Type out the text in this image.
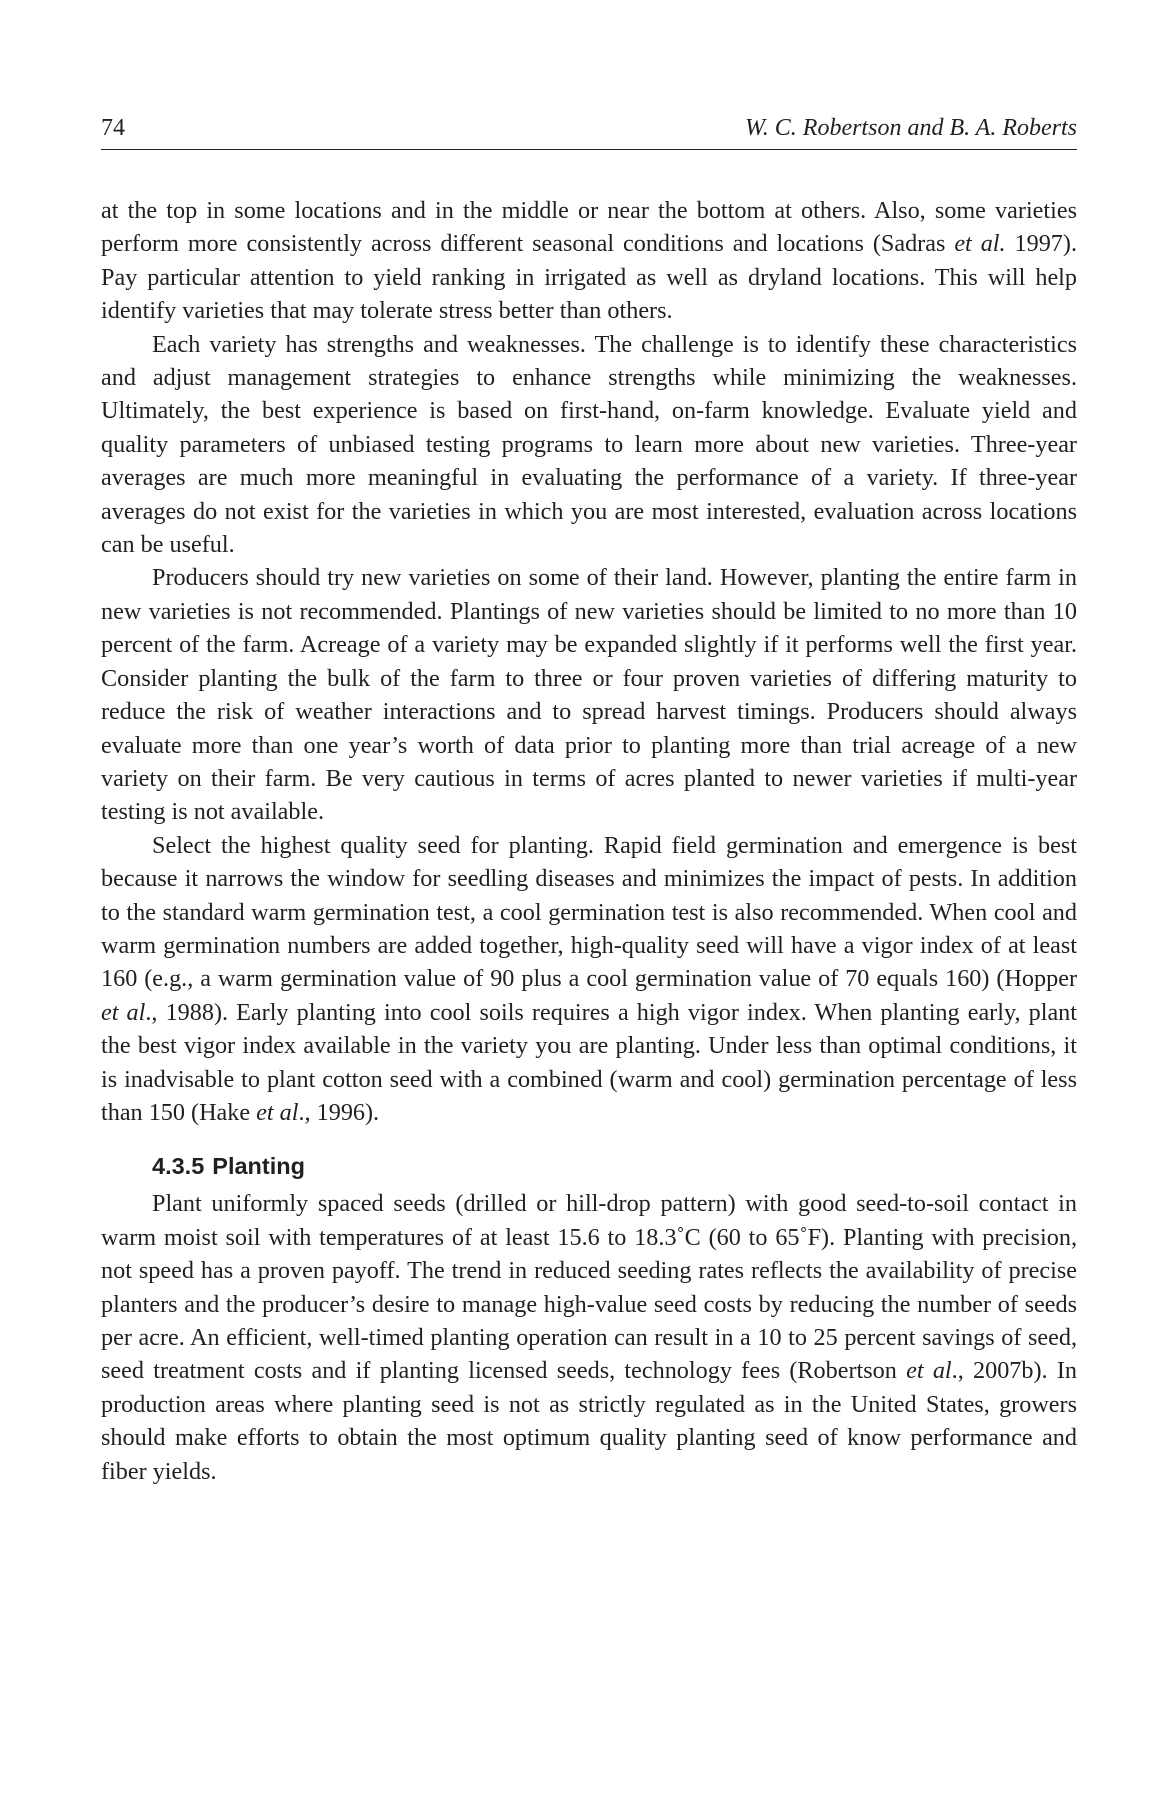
74	W. C. Robertson and B. A. Roberts

at the top in some locations and in the middle or near the bottom at others. Also, some varieties perform more consistently across different seasonal conditions and locations (Sadras et al. 1997). Pay particular attention to yield ranking in irrigated as well as dryland locations. This will help identify varieties that may tolerate stress better than others.

Each variety has strengths and weaknesses. The challenge is to identify these characteristics and adjust management strategies to enhance strengths while minimizing the weaknesses. Ultimately, the best experience is based on first-hand, on-farm knowledge. Evaluate yield and quality parameters of unbiased testing programs to learn more about new varieties. Three-year averages are much more meaningful in evaluating the performance of a variety. If three-year averages do not exist for the varieties in which you are most interested, evaluation across locations can be useful.

Producers should try new varieties on some of their land. However, planting the entire farm in new varieties is not recommended. Plantings of new varieties should be limited to no more than 10 percent of the farm. Acreage of a variety may be expanded slightly if it performs well the first year. Consider planting the bulk of the farm to three or four proven varieties of differing maturity to reduce the risk of weather interactions and to spread harvest timings. Producers should always evaluate more than one year’s worth of data prior to planting more than trial acreage of a new variety on their farm. Be very cautious in terms of acres planted to newer varieties if multi-year testing is not available.

Select the highest quality seed for planting. Rapid field germination and emergence is best because it narrows the window for seedling diseases and minimizes the impact of pests. In addition to the standard warm germination test, a cool germination test is also recommended. When cool and warm germination numbers are added together, high-quality seed will have a vigor index of at least 160 (e.g., a warm germination value of 90 plus a cool germination value of 70 equals 160) (Hopper et al., 1988). Early planting into cool soils requires a high vigor index. When planting early, plant the best vigor index available in the variety you are planting. Under less than optimal conditions, it is inadvisable to plant cotton seed with a combined (warm and cool) germination percentage of less than 150 (Hake et al., 1996).

4.3.5 Planting

Plant uniformly spaced seeds (drilled or hill-drop pattern) with good seed-to-soil contact in warm moist soil with temperatures of at least 15.6 to 18.3˚C (60 to 65˚F). Planting with precision, not speed has a proven payoff. The trend in reduced seeding rates reflects the availability of precise planters and the producer’s desire to manage high-value seed costs by reducing the number of seeds per acre. An efficient, well-timed planting operation can result in a 10 to 25 percent savings of seed, seed treatment costs and if planting licensed seeds, technology fees (Robertson et al., 2007b). In production areas where planting seed is not as strictly regulated as in the United States, growers should make efforts to obtain the most optimum quality planting seed of know performance and fiber yields.
